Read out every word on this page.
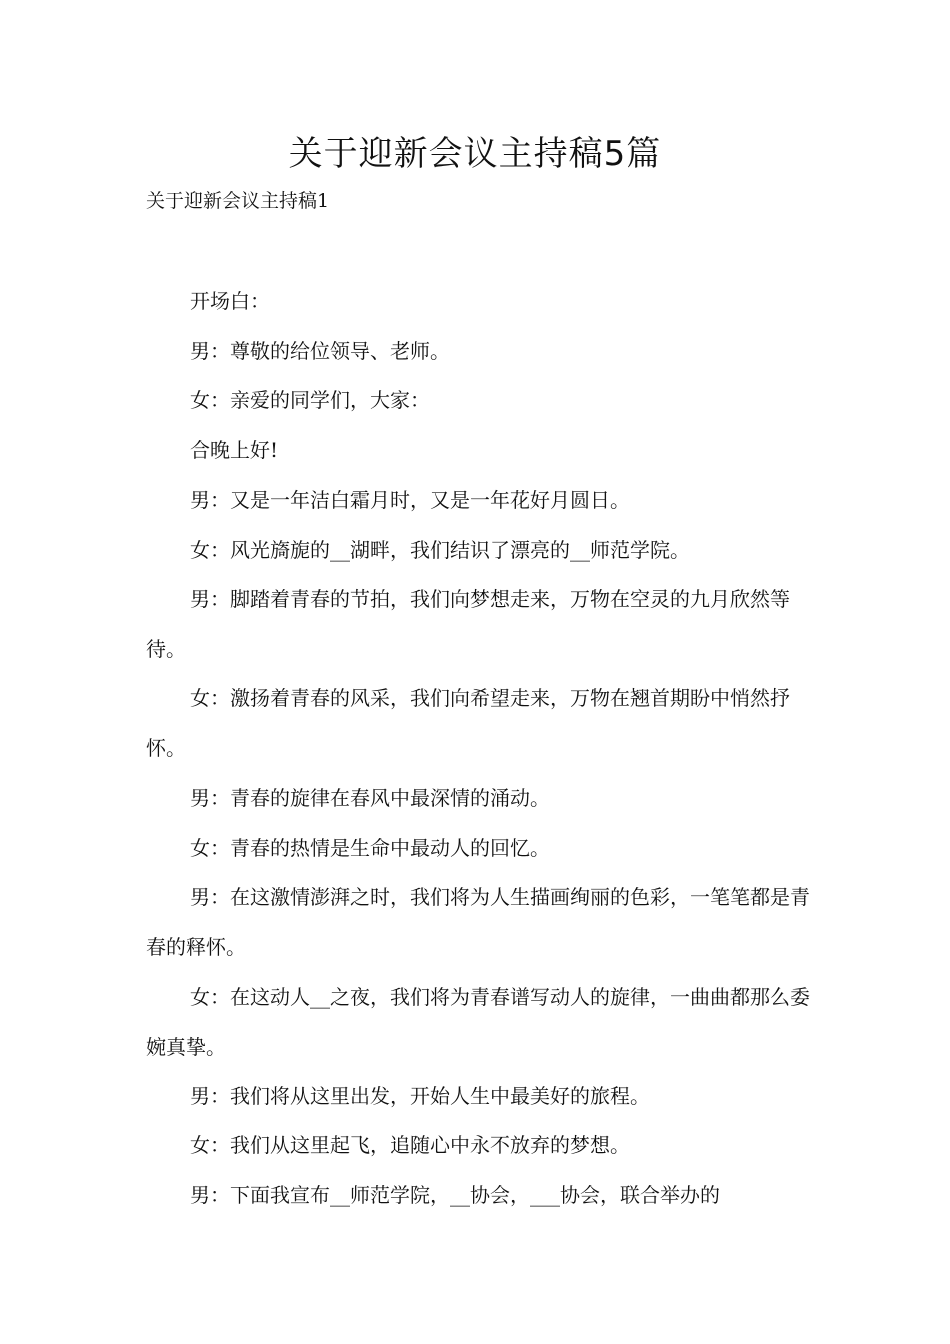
关于迎新会议主持稿5篇

关于迎新会议主持稿1

开场白：

男：尊敬的给位领导、老师。

女：亲爱的同学们，大家：

合晚上好!

男：又是一年洁白霜月时，又是一年花好月圆日。

女：风光旖旎的__湖畔，我们结识了漂亮的__师范学院。

男：脚踏着青春的节拍，我们向梦想走来，万物在空灵的九月欣然等待。

女：激扬着青春的风采，我们向希望走来，万物在翘首期盼中悄然抒怀。

男：青春的旋律在春风中最深情的涌动。

女：青春的热情是生命中最动人的回忆。

男：在这激情澎湃之时，我们将为人生描画绚丽的色彩，一笔笔都是青春的释怀。

女：在这动人__之夜，我们将为青春谱写动人的旋律，一曲曲都那么委婉真挚。

男：我们将从这里出发，开始人生中最美好的旅程。

女：我们从这里起飞，追随心中永不放弃的梦想。

男：下面我宣布__师范学院，__协会，___协会，联合举办的
